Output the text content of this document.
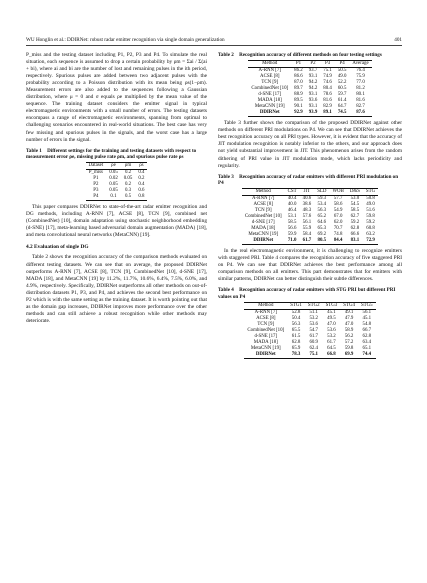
WU Honglin et al.: DDIRNet: robust radar emitter recognition via single domain generalization	401

P_miss and the testing dataset including P1, P2, P3 and P4. To simulate the real situation, each sequence is assumed to drop a certain probability by ρm = Σai / Σ(ai + bi), where ai and bi are the number of lost and remaining pulses in the ith period, respectively. Spurious pulses are added between two adjacent pulses with the probability according to a Poisson distribution with its mean being ρs(1−ρm). Measurement errors are also added to the sequences following a Gaussian distribution, where μ = 0 and σ equals ρe multiplied by the mean value of the sequence. The training dataset considers the emitter signal in typical electromagnetic environments with a small number of errors. The testing datasets encompass a range of electromagnetic environments, spanning from optimal to challenging scenarios encountered in real-world situations. The best case has very few missing and spurious pulses in the signals, and the worst case has a large number of errors in the signal.

Table 1 Different settings for the training and testing datasets with respect to measurement error ρe, missing pulse rate ρm, and spurious pulse rate ρs
Dataset	ρe	ρm	ρs
P_miss	0.05	0.2	0.4
P1	0.02	0.05	0.2
P2	0.05	0.2	0.4
P3	0.05	0.3	0.6
P4	0.1	0.5	0.8

This paper compares DDIRNet to state-of-the-art radar emitter recognition and DG methods, including A-RNN [7], ACSE [8], TCN [9], combined net (CombinedNet) [10], domain adaptation using stochastic neighborhood embedding (d-SNE) [17], meta-learning based adversarial domain augmentation (MADA) [18], and meta convolutional neural networks (MetaCNN) [19].

4.2 Evaluation of single DG

Table 2 shows the recognition accuracy of the comparison methods evaluated on different testing datasets. We can see that on average, the proposed DDIRNet outperforms A-RNN [7], ACSE [8], TCN [9], CombinedNet [10], d-SNE [17], MADA [18], and MetaCNN [19] by 11.2%, 11.7%, 10.6%, 6.4%, 7.5%, 6.0%, and 4.9%, respectively. Specifically, DDIRNet outperforms all other methods on out-of-distribution datasets P1, P3, and P4, and achieves the second best performance on P2 which is with the same setting as the training dataset. It is worth pointing out that as the domain gap increases, DDIRNet improves more performance over the other methods and can still achieve a robust recognition while other methods may deteriorate.

Table 2 Recognition accuracy of different methods on four testing settings
Method	P1	P2	P3	P4	Average
A-RNN [7]	86.2	93.7	75.1	50.5	76.4
ACSE [8]	86.6	93.1	74.9	49.0	75.9
TCN [9]	87.0	94.2	74.6	52.2	77.0
CombinedNet [10]	89.7	94.2	80.4	60.5	81.2
d-SNE [17]	88.9	93.1	78.6	59.7	80.1
MADA [18]	89.5	93.6	81.6	61.4	81.6
MetaCNN [19]	90.1	93.1	82.9	64.7	82.7
DDIRNet	92.9	93.9	89.1	74.5	87.6

Table 3 further shows the comparison of the proposed DDIRNet against other methods on different PRI modulations on P4. We can see that DDIRNet achieves the best recognition accuracy on all PRI types. However, it is evident that the accuracy of JIT modulation recognition is notably inferior to the others, and our approach does not yield substantial improvement in JIT. This phenomenon arises from the random dithering of PRI value in JIT modulation mode, which lacks periodicity and regularity.

Table 3 Recognition accuracy of radar emitters with different PRI modulation on P4
Method	CST	JIT	SLD	WOB	D&S	STG
A-RNN [7]	40.4	40.6	59.3	57.7	53.0	50.8
ACSE [8]	40.0	38.6	53.4	58.6	54.5	49.0
TCN [9]	46.4	48.3	56.3	54.9	58.5	51.6
CombinedNet [10]	53.1	57.6	65.2	67.0	62.7	59.8
d-SNE [17]	58.5	56.1	64.6	62.0	59.2	59.2
MADA [18]	56.6	55.9	65.3	70.7	62.8	60.8
MetaCNN [19]	59.9	58.4	69.2	74.8	66.6	63.2
DDIRNet	71.0	61.7	80.5	84.4	83.1	72.9

In the real electromagnetic environment, it is challenging to recognize emitters with staggered PRI. Table 4 compares the recognition accuracy of five staggered PRI on P4. We can see that DDIRNet achieves the best performance among all comparison methods on all emitters. This part demonstrates that for emitters with similar patterns, DDIRNet can better distinguish their subtle differences.

Table 4 Recognition accuracy of radar emitters with STG PRI but different PRI values on P4
Method	STG1	STG2	STG3	STG4	STG5
A-RNN [7]	52.8	51.1	45.1	49.1	56.1
ACSE [8]	50.4	53.2	49.5	47.9	45.1
TCN [9]	56.3	53.6	47.0	47.0	54.8
CombinedNet [10]	65.5	54.7	53.6	58.9	66.7
d-SNE [17]	61.5	61.7	53.2	56.2	62.8
MADA [18]	62.8	60.9	61.7	57.2	63.4
MetaCNN [19]	65.9	62.4	64.5	59.8	65.1
DDIRNet	78.3	75.1	66.8	69.9	74.4
